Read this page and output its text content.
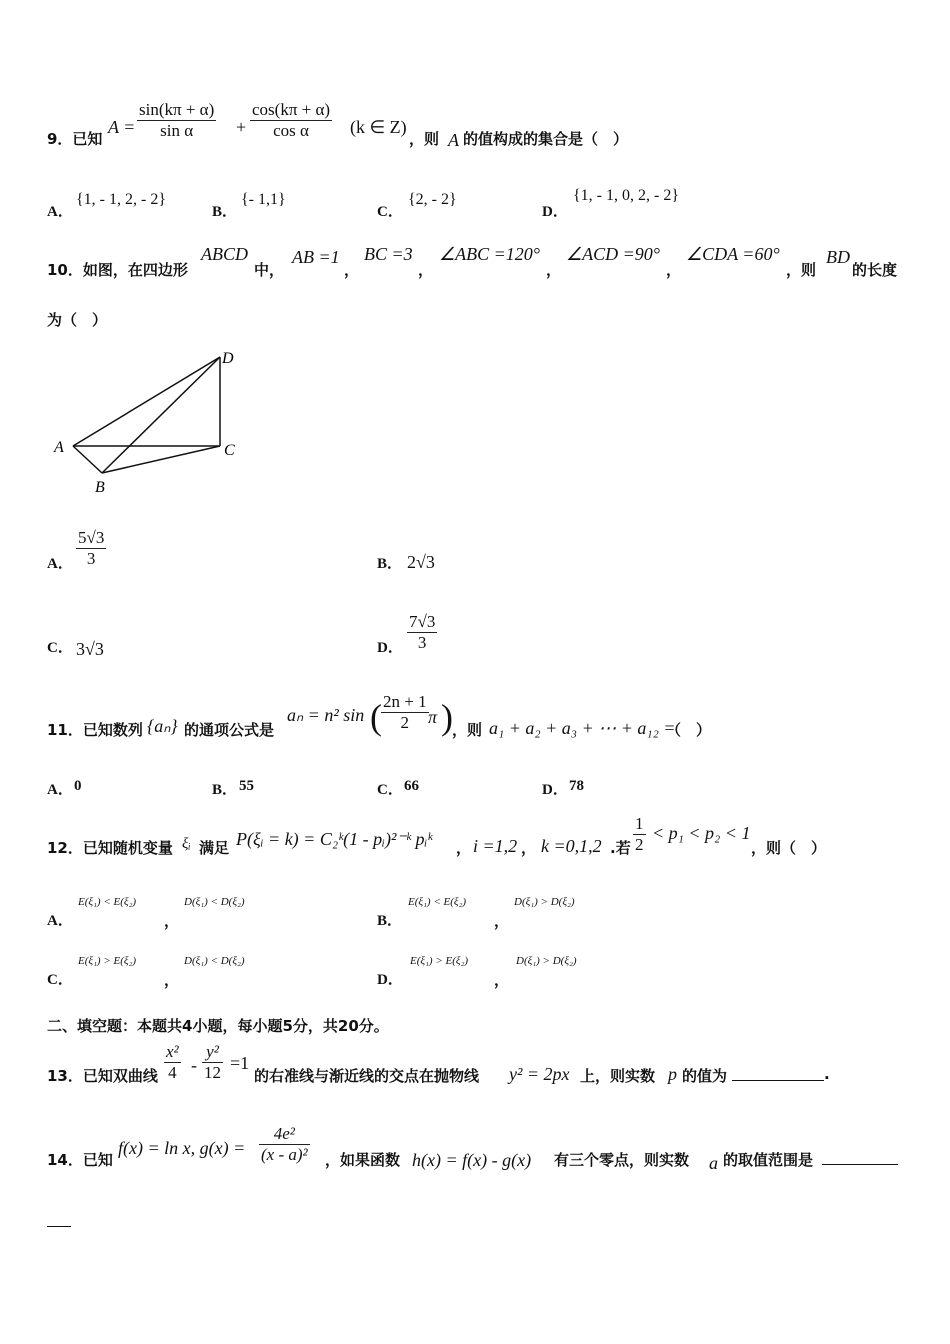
9．已知
$A = \frac{\sin(k\pi + \alpha)}{\text{sin α}} + \frac{\cos(k\pi + \alpha)}{\text{cos α}} (k$ ∈ Z)
，则 A 的值构成的集合是（　）
A．
{1, - 1, 2, - 2}
B．
{- 1,1}
C．
{2, - 2}
D．
{1, - 1, 0, 2, - 2}
10．如图，在四边形
ABCD
中，
AB =1
，
BC =3
，
∠ABC =120°
，
∠ACD =90°
，
∠CDA =60°
，则
BD
的长度
为（　）
A
B
C
D
A． $\frac{5√3}{3}$	B． 2√3
C． 3√3	D． $\frac{7√3}{3}$
11．已知数列 {aₙ} 的通项公式是
aₙ = n² sin ( $\frac{2n + 1}{2}$ π ) ，则 a₁ + a₂ + a₃ + ⋯ + a₁₂ =
（　）
A． 0	B． 55	C． 66	D． 78
12．已知随机变量 ξᵢ 满足 P(ξᵢ = k) = C₂ᵏ(1 - pᵢ)²⁻ᵏ pᵢᵏ ， i =1,2 ， k =0,1,2 .若 $\frac{1}{2} < p_1 < p_2 < 1$
，则（　）
A．
E(ξ₁) < E(ξ₂)
，
D(ξ₁) < D(ξ₂)
B．
E(ξ₁) < E(ξ₂)
，
D(ξ₁) > D(ξ₂)
C．
E(ξ₁) > E(ξ₂)
，
D(ξ₁) < D(ξ₂)
D．
E(ξ₁) > E(ξ₂)
，
D(ξ₁) > D(ξ₂)
二、填空题：本题共4小题，每小题5分，共20分。
13．已知双曲线 $\frac{\text{x²}}{4} - \frac{\text{y²}}{12} =1$
的右准线与渐近线的交点在抛物线 y² = 2px 上，则实数 p 的值为	.
14．已知
f(x) = ln x, $g(x) = \frac{\text{4e²}}{\text{(x - a)²}}$ ，如果函数 h(x) = f(x) - g(x) 有三个零点，则实数 a 的取值范围是
